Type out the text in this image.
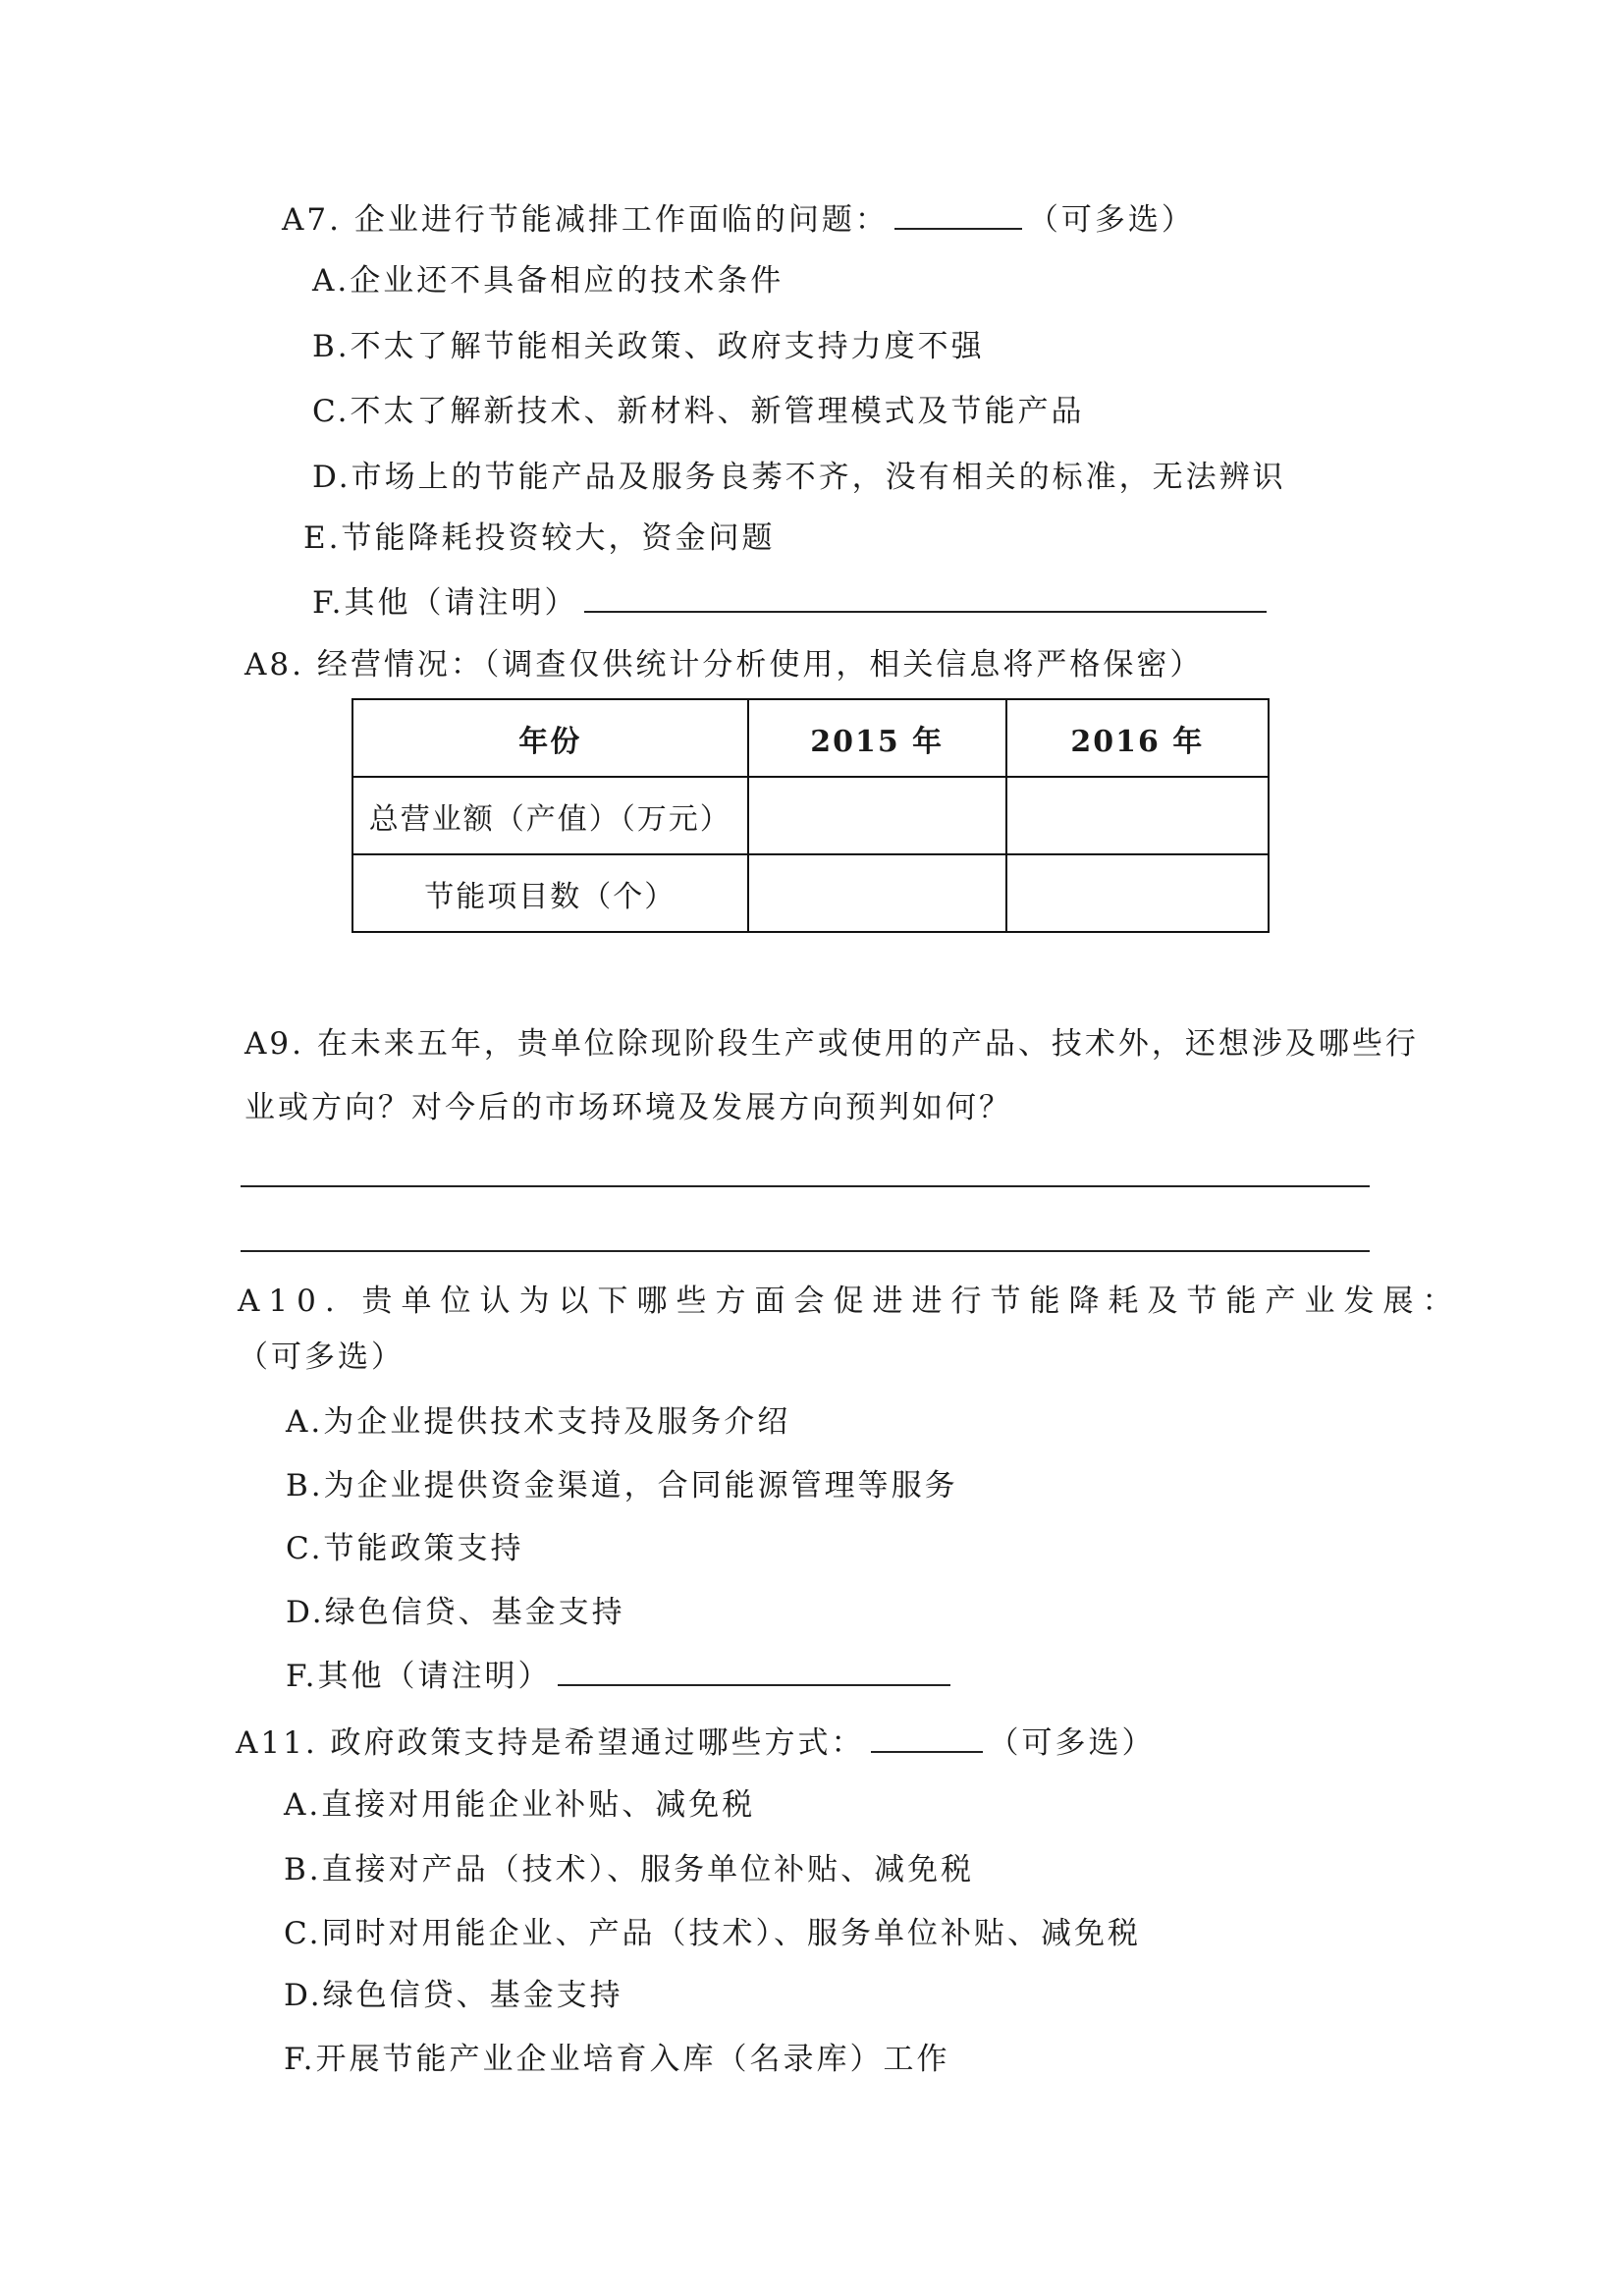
A7. 企业进行节能减排工作面临的问题：	（可多选）
A.企业还不具备相应的技术条件
B.不太了解节能相关政策、政府支持力度不强
C.不太了解新技术、新材料、新管理模式及节能产品
D.市场上的节能产品及服务良莠不齐，没有相关的标准，无法辨识
E.节能降耗投资较大，资金问题
F.其他（请注明）
A8. 经营情况：（调查仅供统计分析使用，相关信息将严格保密）
年份	2015 年	2016 年
总营业额（产值）（万元）		
节能项目数（个）		
A9. 在未来五年，贵单位除现阶段生产或使用的产品、技术外，还想涉及哪些行
业或方向？对今后的市场环境及发展方向预判如何？
A10. 贵单位认为以下哪些方面会促进进行节能降耗及节能产业发展：
（可多选）
A.为企业提供技术支持及服务介绍
B.为企业提供资金渠道，合同能源管理等服务
C.节能政策支持
D.绿色信贷、基金支持
F.其他（请注明）
A11. 政府政策支持是希望通过哪些方式：	（可多选）
A.直接对用能企业补贴、减免税
B.直接对产品（技术）、服务单位补贴、减免税
C.同时对用能企业、产品（技术）、服务单位补贴、减免税
D.绿色信贷、基金支持
F.开展节能产业企业培育入库（名录库）工作
